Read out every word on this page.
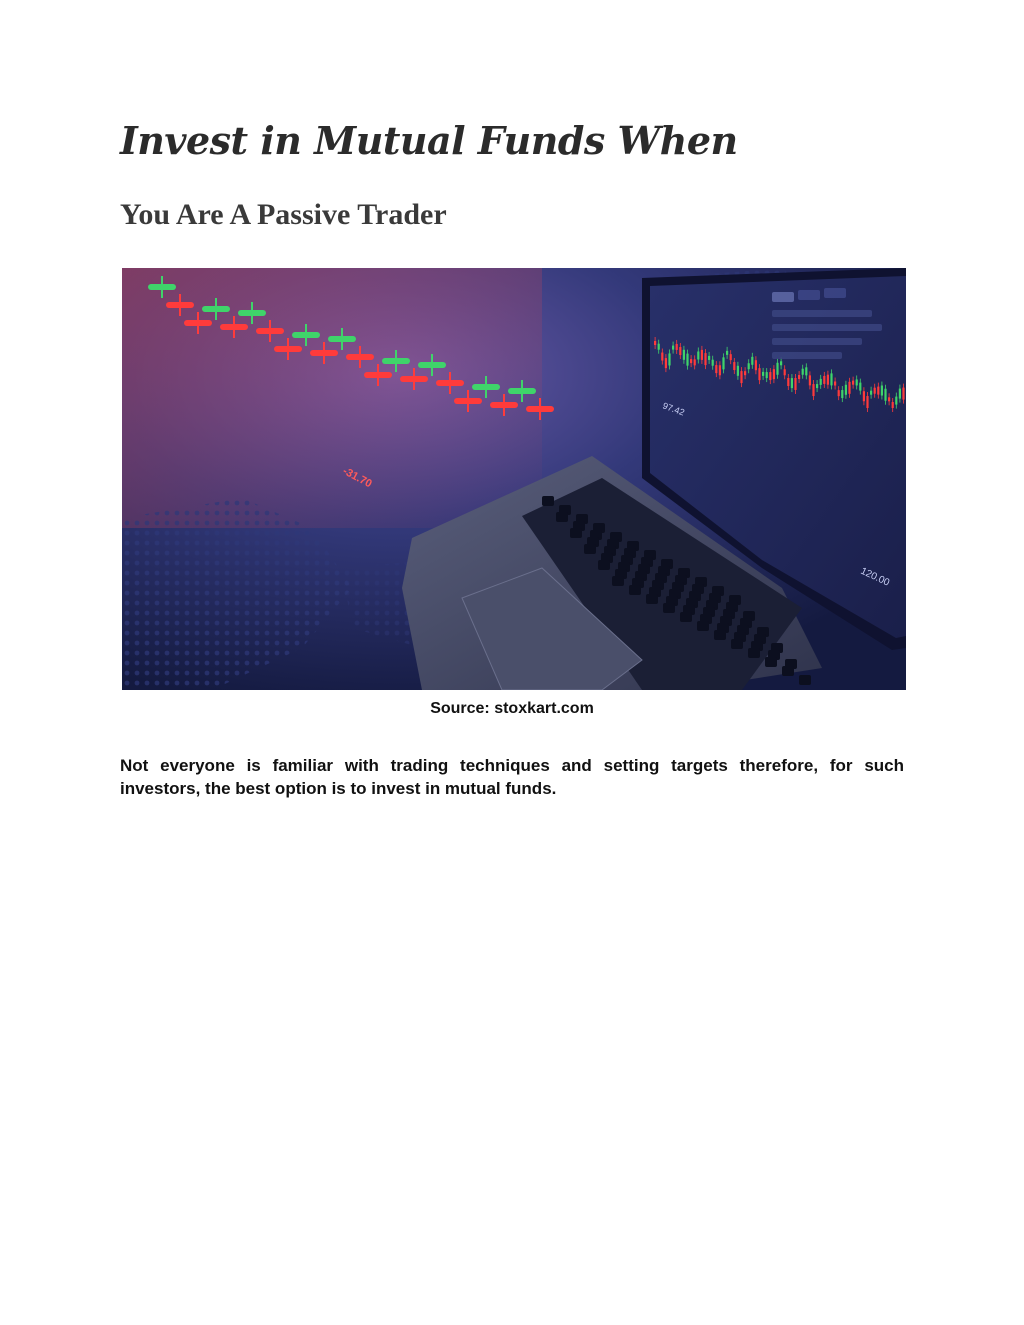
Invest in Mutual Funds When
You Are A Passive Trader
-31.70
97.42
120.00
Source: stoxkart.com

Not everyone is familiar with trading techniques and setting targets therefore, for such investors, the best option is to invest in mutual funds.
